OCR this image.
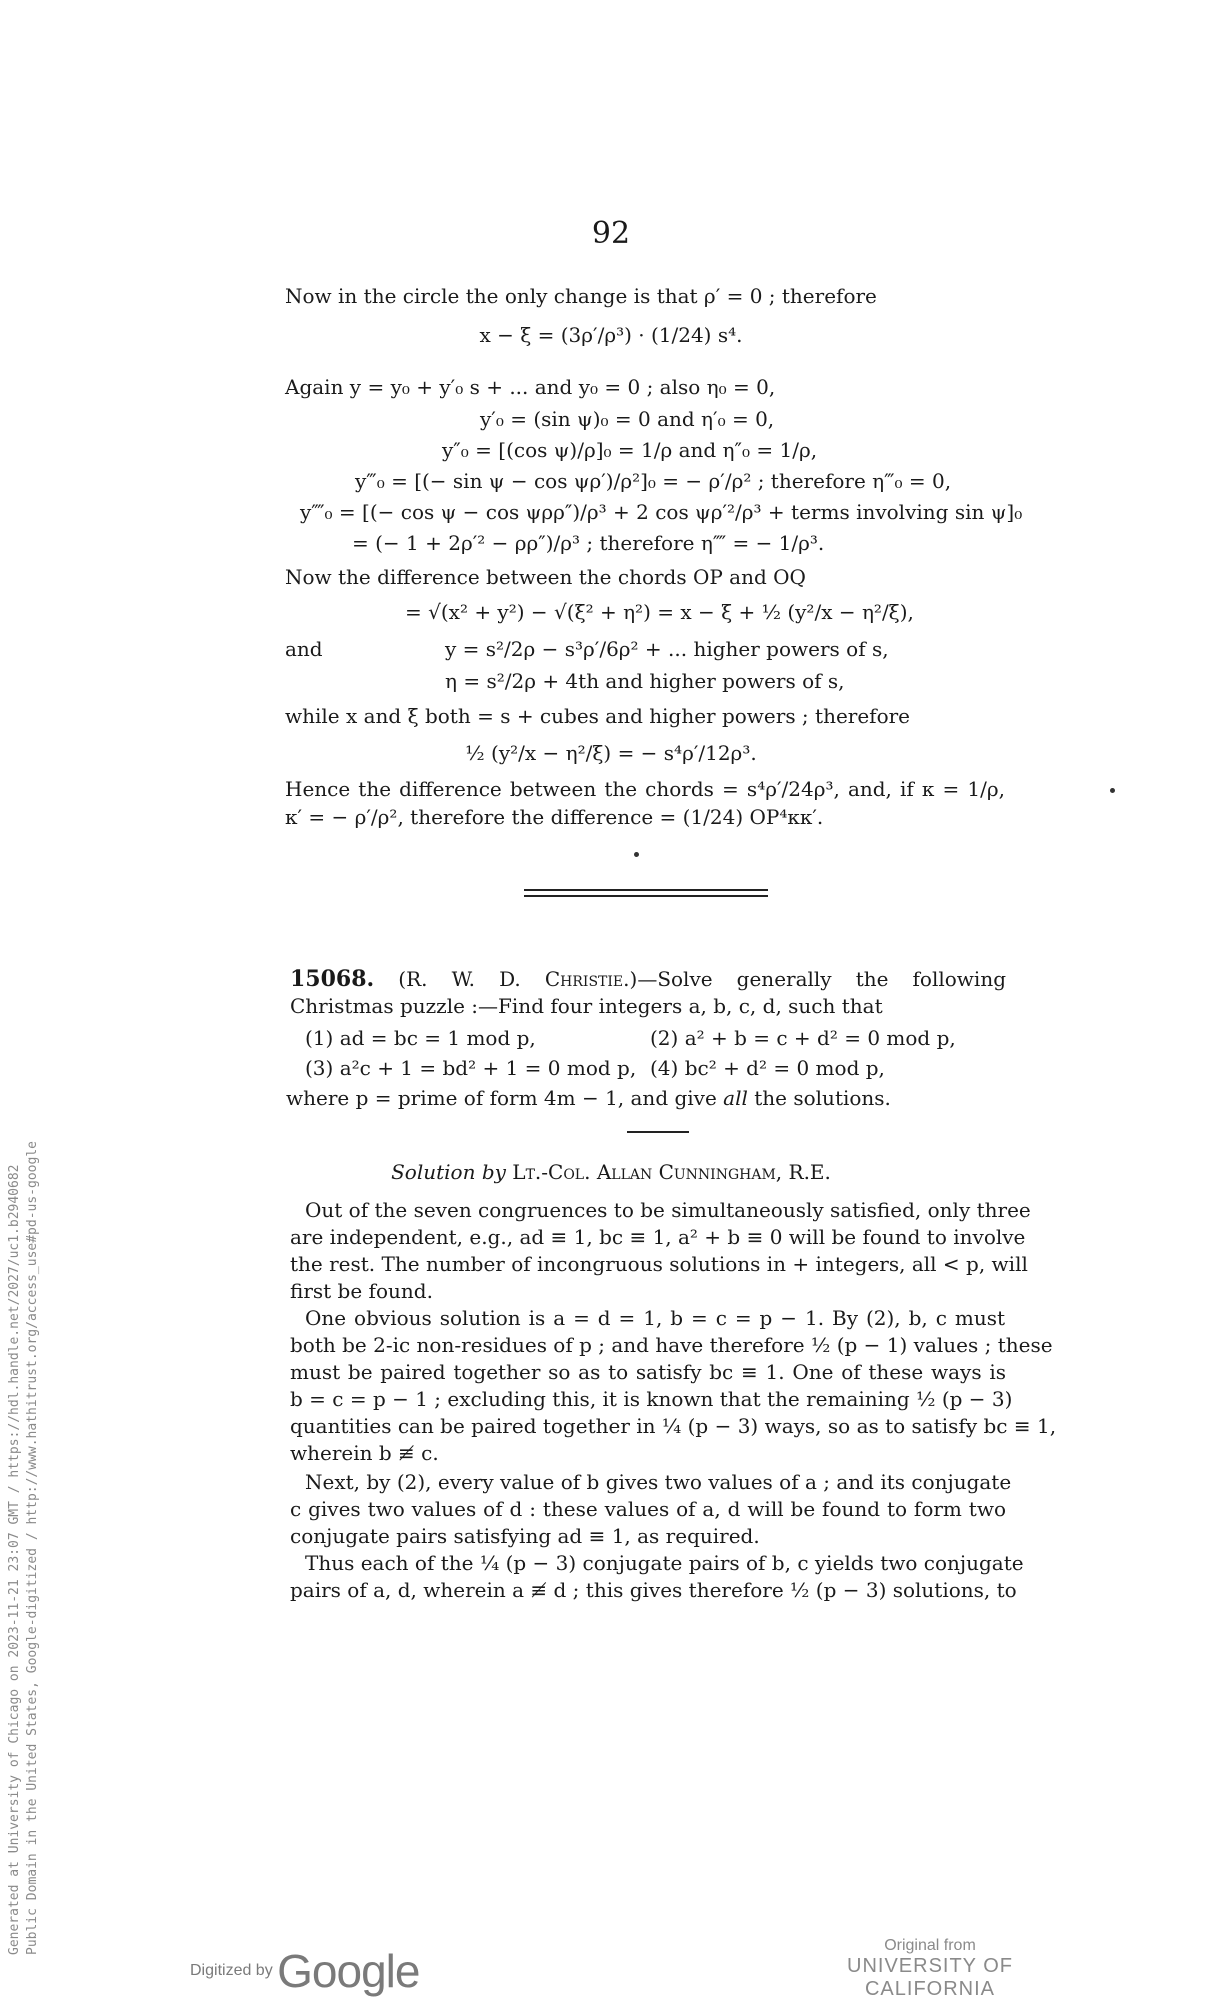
92
Now in the circle the only change is that ρ′ = 0 ; therefore
x − ξ = (3ρ′/ρ³) · (1/24) s⁴.
Again y = y₀ + y′₀ s + ... and y₀ = 0 ; also η₀ = 0,
y′₀ = (sin ψ)₀ = 0 and η′₀ = 0,
y″₀ = [(cos ψ)/ρ]₀ = 1/ρ and η″₀ = 1/ρ,
y‴₀ = [(− sin ψ − cos ψρ′)/ρ²]₀ = − ρ′/ρ² ; therefore η‴₀ = 0,
y⁗₀ = [(− cos ψ − cos ψρρ″)/ρ³ + 2 cos ψρ′²/ρ³ + terms involving sin ψ]₀
= (− 1 + 2ρ′² − ρρ″)/ρ³ ; therefore η⁗ = − 1/ρ³.
Now the difference between the chords OP and OQ
= √(x² + y²) − √(ξ² + η²) = x − ξ + ½ (y²/x − η²/ξ),
and	y = s²/2ρ − s³ρ′/6ρ² + ... higher powers of s,
η = s²/2ρ + 4th and higher powers of s,
while x and ξ both = s + cubes and higher powers ; therefore
½ (y²/x − η²/ξ) = − s⁴ρ′/12ρ³.
Hence the difference between the chords = s⁴ρ′/24ρ³, and, if κ = 1/ρ,
κ′ = − ρ′/ρ², therefore the difference = (1/24) OP⁴κκ′.
15068. (R. W. D. Christie.)—Solve generally the following
Christmas puzzle :—Find four integers a, b, c, d, such that
(1) ad = bc = 1 mod p,	(2) a² + b = c + d² = 0 mod p,
(3) a²c + 1 = bd² + 1 = 0 mod p, (4) bc² + d² = 0 mod p,
where p = prime of form 4m − 1, and give all the solutions.
Solution by Lt.-Col. Allan Cunningham, R.E.
Out of the seven congruences to be simultaneously satisfied, only three
are independent, e.g., ad ≡ 1, bc ≡ 1, a² + b ≡ 0 will be found to involve
the rest. The number of incongruous solutions in + integers, all < p, will
first be found.
One obvious solution is a = d = 1, b = c = p − 1. By (2), b, c must
both be 2-ic non-residues of p ; and have therefore ½ (p − 1) values ; these
must be paired together so as to satisfy bc ≡ 1. One of these ways is
b = c = p − 1 ; excluding this, it is known that the remaining ½ (p − 3)
quantities can be paired together in ¼ (p − 3) ways, so as to satisfy bc ≡ 1,
wherein b ≢ c.
Next, by (2), every value of b gives two values of a ; and its conjugate
c gives two values of d : these values of a, d will be found to form two
conjugate pairs satisfying ad ≡ 1, as required.
Thus each of the ¼ (p − 3) conjugate pairs of b, c yields two conjugate
pairs of a, d, wherein a ≢ d ; this gives therefore ½ (p − 3) solutions, to
Generated at University of Chicago on 2023-11-21 23:07 GMT / https://hdl.handle.net/2027/uc1.b2940682 Public Domain in the United States, Google-digitized / http://www.hathitrust.org/access_use#pd-us-google
Digitized by Google	Original from
UNIVERSITY OF CALIFORNIA
